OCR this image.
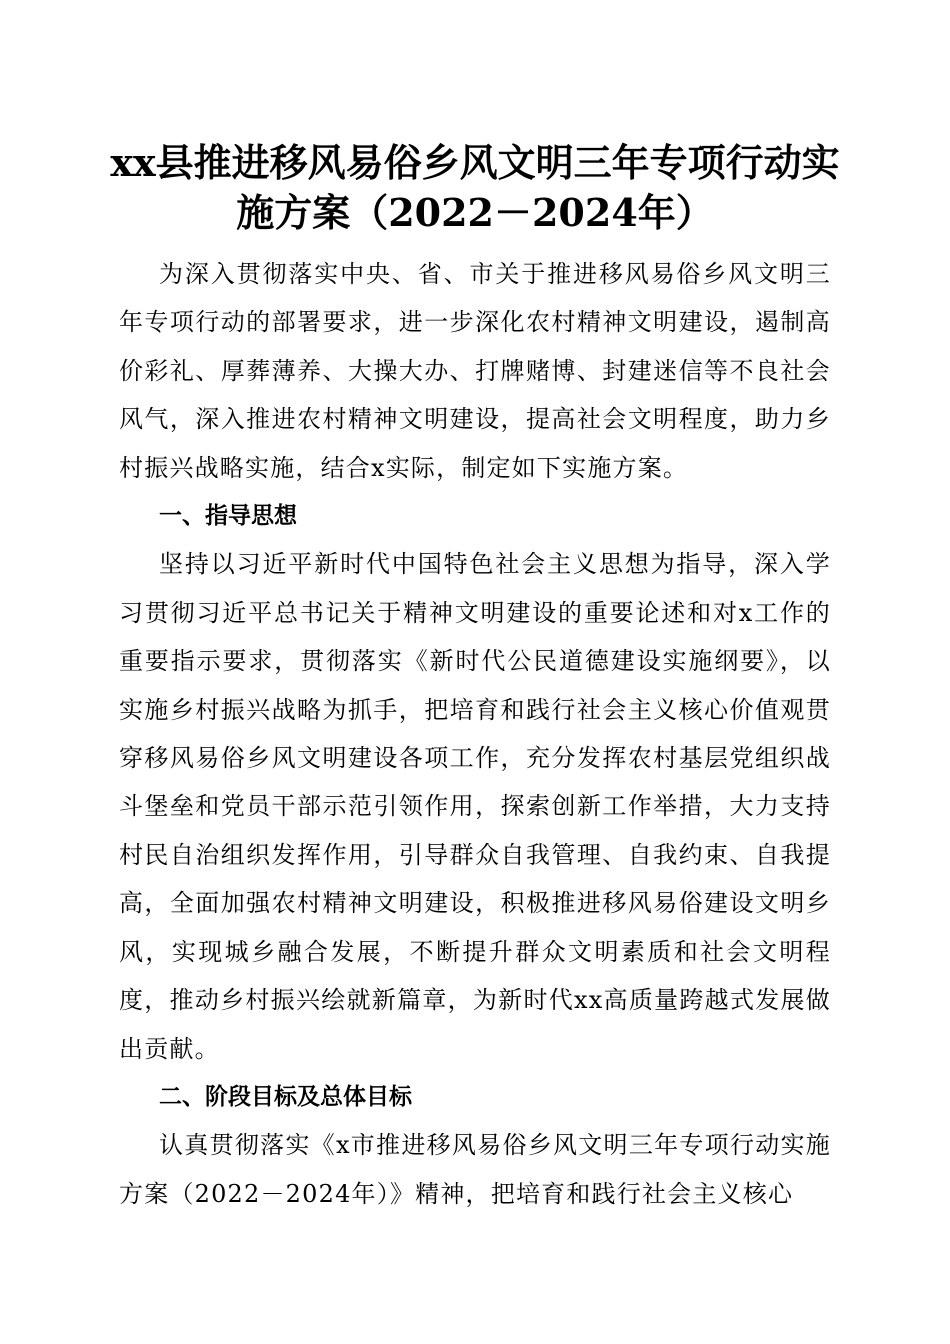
xx县推进移风易俗乡风文明三年专项行动实
施方案（2022－2024年）

为深入贯彻落实中央、省、市关于推进移风易俗乡风文明三年专项行动的部署要求，进一步深化农村精神文明建设，遏制高价彩礼、厚葬薄养、大操大办、打牌赌博、封建迷信等不良社会风气，深入推进农村精神文明建设，提高社会文明程度，助力乡村振兴战略实施，结合x实际，制定如下实施方案。

一、指导思想

坚持以习近平新时代中国特色社会主义思想为指导，深入学习贯彻习近平总书记关于精神文明建设的重要论述和对x工作的重要指示要求，贯彻落实《新时代公民道德建设实施纲要》，以实施乡村振兴战略为抓手，把培育和践行社会主义核心价值观贯穿移风易俗乡风文明建设各项工作，充分发挥农村基层党组织战斗堡垒和党员干部示范引领作用，探索创新工作举措，大力支持村民自治组织发挥作用，引导群众自我管理、自我约束、自我提高，全面加强农村精神文明建设，积极推进移风易俗建设文明乡风，实现城乡融合发展，不断提升群众文明素质和社会文明程度，推动乡村振兴绘就新篇章，为新时代xx高质量跨越式发展做出贡献。

二、阶段目标及总体目标

认真贯彻落实《x市推进移风易俗乡风文明三年专项行动实施方案（2022－2024年）》精神，把培育和践行社会主义核心
